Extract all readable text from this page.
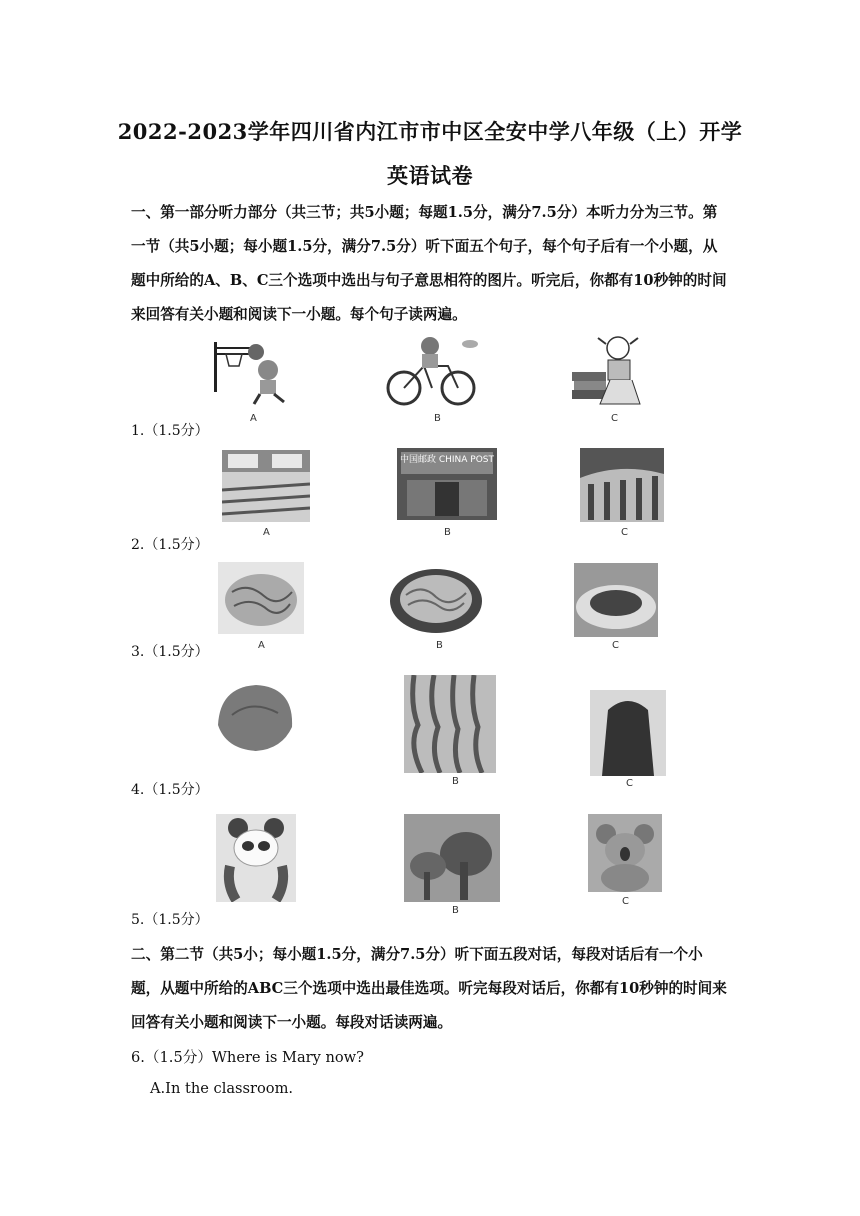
2022-2023学年四川省内江市市中区全安中学八年级（上）开学
英语试卷
一、第一部分听力部分（共三节；共5小题；每题1.5分，满分7.5分）本听力分为三节。第一节（共5小题；每小题1.5分，满分7.5分）听下面五个句子，每个句子后有一个小题，从题中所给的A、B、C三个选项中选出与句子意思相符的图片。听完后，你都有10秒钟的时间来回答有关小题和阅读下一小题。每个句子读两遍。
A	B	C
1.（1.5分）
A
中国邮政 CHINA POST
B	C
2.（1.5分）
A	B	C
3.（1.5分）
B	C
4.（1.5分）
B
C
5.（1.5分）
二、第二节（共5小；每小题1.5分，满分7.5分）听下面五段对话，每段对话后有一个小题，从题中所给的ABC三个选项中选出最佳选项。听完每段对话后，你都有10秒钟的时间来回答有关小题和阅读下一小题。每段对话读两遍。
6.（1.5分）Where is Mary now?
A.In the classroom.
